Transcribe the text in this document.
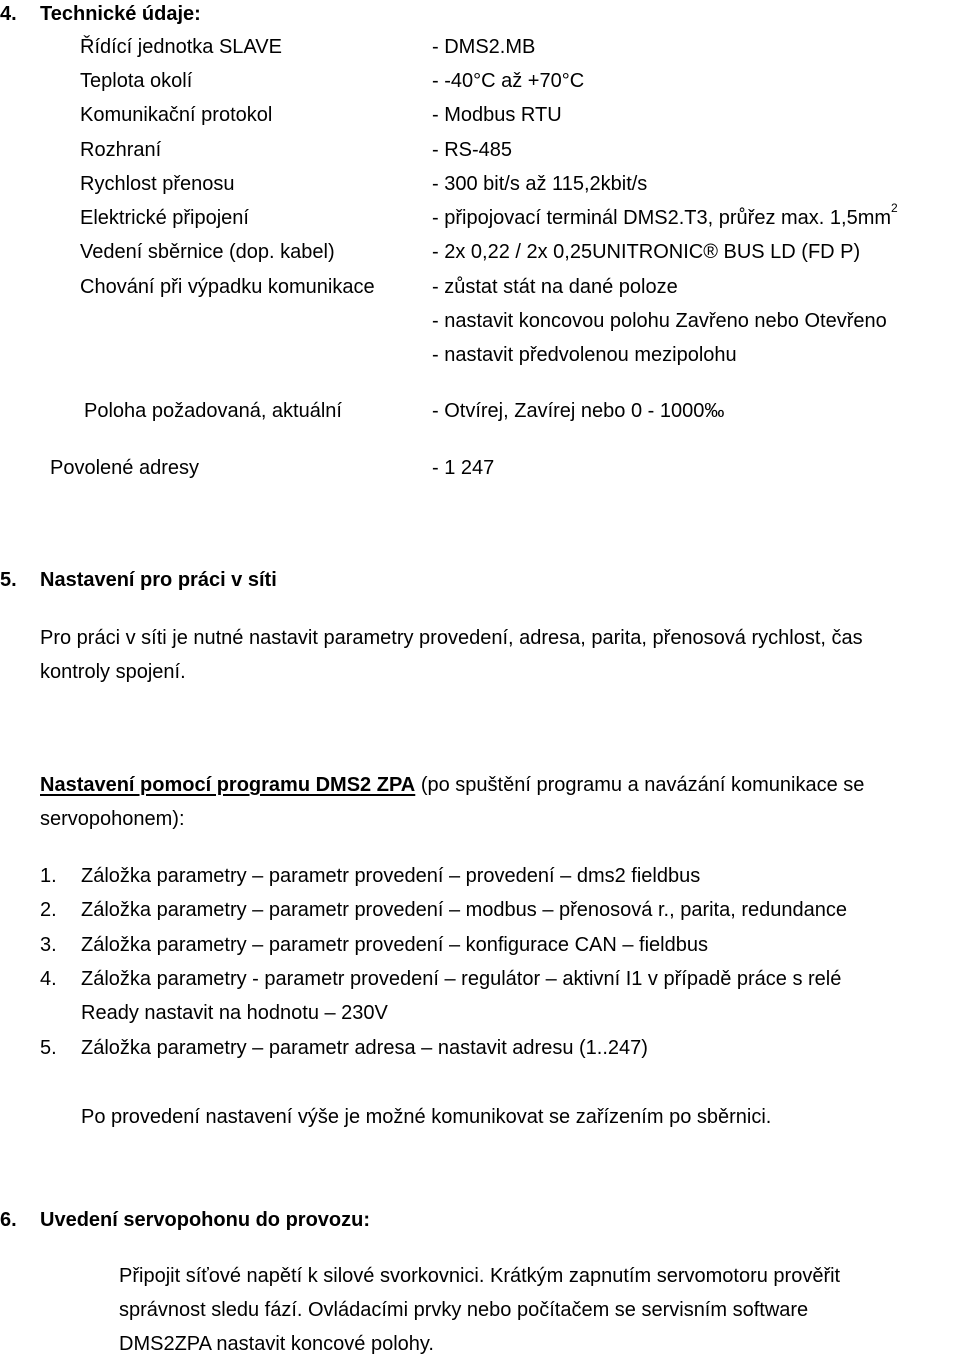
4. Technické údaje:
Řídící jednotka SLAVE	- DMS2.MB
Teplota okolí	- -40°C až +70°C
Komunikační protokol	- Modbus RTU
Rozhraní	- RS-485
Rychlost přenosu	- 300 bit/s až 115,2kbit/s
Elektrické připojení	- připojovací terminál DMS2.T3, průřez max. $1,5mm^2$
Vedení sběrnice (dop. kabel)	- 2x 0,22 / 2x 0,25UNITRONIC® BUS LD (FD P)
Chování při výpadku komunikace	- zůstat stát na dané poloze
- nastavit koncovou polohu Zavřeno nebo Otevřeno
- nastavit předvolenou mezipolohu
Poloha požadovaná, aktuální	- Otvírej, Zavírej nebo 0 - 1000‰
Povolené adresy	- 1 247
5. Nastavení pro práci v síti
Pro práci v síti je nutné nastavit parametry provedení, adresa, parita, přenosová rychlost, čas
kontroly spojení.
Nastavení pomocí programu DMS2 ZPA (po spuštění programu a navázání komunikace se
servopohonem):
1. Záložka parametry – parametr provedení – provedení – dms2 fieldbus
2. Záložka parametry – parametr provedení – modbus – přenosová r., parita, redundance
3. Záložka parametry – parametr provedení – konfigurace CAN – fieldbus
4. Záložka parametry - parametr provedení – regulátor – aktivní I1 v případě práce s relé
Ready nastavit na hodnotu – 230V
5. Záložka parametry – parametr adresa – nastavit adresu (1..247)
Po provedení nastavení výše je možné komunikovat se zařízením po sběrnici.
6. Uvedení servopohonu do provozu:
Připojit síťové napětí k silové svorkovnici. Krátkým zapnutím servomotoru prověřit
správnost sledu fází. Ovládacími prvky nebo počítačem se servisním software
DMS2ZPA nastavit koncové polohy.
